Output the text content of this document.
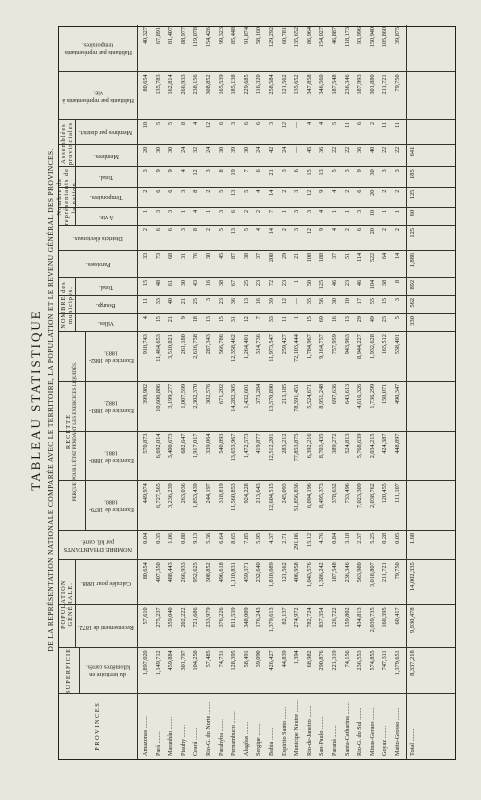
TABLEAU STATISTIQUE DE LA REPRÉSENTATION NATIONALE COMPARÉE AVEC LE TERRITOIRE, LA POPULATION ET LE REVENU GÉNÉRAL DES PROVINCES.
SUPERFICIE
POPULATION GÉNÉRALE.
RECETTE PERÇUE POUR L'ÉTAT PENDANT LES EXERCICES LIQUIDÉS.
NOMBRE des municipes.
Nombre de représentants de la nation.
Assemblées provinciales
PROVINCES
du territoire en kilomètres carrés.
Recensement de 1872.
Calculée pour 1888.
NOMBRE D'HABITANTS par kil. carré.
Exercice de 1879-1880.
Exercice de 1880-1881.
Exercice de 1881-1882.
Exercice de 1882-1883.
Villes.
Bourgs.
Total.
Paroisses.
Districts électoraux.
A vie.
Temporaires.
Total.
Membres.
Membres par district.
Habitants par représentants à vie.
Habitants par représentants temporaires.
Amazonas ........
1,897,020
57,610
80,654
0.04
449,974
570,873
399,982
910,743
4
11
15
33
2
1
2
3
20
10
80,654
40,327
Pará ........
1,149,712
275,237
407,350
0.35
6,727,565
6,692,014
10,600,886
11,464,653
15
33
48
73
6
3
6
9
30
5
135,783
67,891
Maranhão ........
459,884
359,040
488,443
1.06
3,236,239
3,400,673
3,199,277
3,510,821
21
40
61
68
6
3
6
9
30
5
162,814
81,407
Piauhy ........
301,797
202,222
266,933
0.88
263,036
682,647
1,007,599
261,180
9
21
30
31
3
1
3
4
24
8
266,933
88,977
Ceará ........
104,250
721,686
952,625
9.13
1,853,439
1,917,017
2,302,370
2,616,758
18
25
43
76
8
4
8
12
32
4
238,156
119,078
Rio-G. do Norte ........
57,485
233,979
308,852
5.36
244,197
339,064
302,576
287,343
13
3
16
30
2
1
2
3
24
12
308,852
154,426
Parahyba ........
74,731
376,226
496,618
6.64
318,819
540,893
671,202
566,786
15
23
38
45
5
3
5
8
30
6
165,539
99,323
Pernambuco ........
128,395
811,539
1,110,831
8.65
11,560,853
13,653,967
14,282,305
12,358,462
31
36
67
87
13
6
13
19
39
3
185,138
85,448
Alagôas ........
58,491
348,009
459,371
7.85
924,228
1,472,573
1,432,601
1,264,401
12
13
25
38
5
2
5
7
30
6
229,685
91,874
Sergipe ........
39,090
176,243
232,640
5.95
213,643
419,877
373,284
314,736
7
16
23
37
4
2
4
6
24
6
116,320
58,160
Bahia ........
426,427
1,379,613
1,810,089
4.37
12,604,515
12,512,201
13,570,890
11,973,547
33
39
72
208
14
7
14
21
42
3
258,584
129,292
Espirito Santo ........
44,839
82,137
121,562
2.71
245,093
283,212
213,185
259,427
11
12
23
29
2
1
2
3
24
12
121,562
60,781
Municipe Neutre ........
1,394
274,972
406,958
291.06
51,856,836
77,853,875
78,591,451
72,103,444
1
—
1
21
3
3
3
6
—
—
135,652
135,652
Rio-de-Janeiro ........
68,982
782,724
1,043,576
15.12
6,094,196
6,392,216
5,524,671
1,784,967
15
35
50
108
12
3
12
15
45
4
347,858
86,964
San-Paulo ........
290,876
837,354
1,386,242
4.76
8,495,373
8,703,435
8,951,248
9,164,757
69
56
125
188
9
4
9
13
36
4
346,560
154,027
Paraná ........
221,319
126,722
187,548
0.84
378,632
389,272
697,636
757,959
16
30
46
37
4
1
4
5
22
5
187,548
46,887
Santa-Catharina ........
74,156
159,802
236,346
3.18
733,496
524,813
643,613
943,963
13
10
23
51
2
1
2
3
22
11
236,346
118,173
Rio-G. do Sul ........
236,553
434,813
563,980
2.37
7,023,309
5,768,639
4,616,326
8,944,227
29
17
46
114
6
3
6
9
36
6
187,993
93,996
Minas-Geraes ........
574,855
2,039,735
3,018,807
5.25
2,038,762
2,034,215
1,736,299
1,932,628
49
55
104
522
20
10
20
30
40
2
301,880
150,940
Goyaz ........
747,311
160,395
211,721
0.28
120,455
424,387
150,071
165,512
23
15
38
64
2
1
2
3
22
11
211,721
105,860
Matto-Grosso ........
1,379,651
60,417
79,750
0.05
111,107
448,897
490,347
538,401
5
3
8
14
2
1
2
3
22
11
79,750
39,875
Total ........
8,337,218
9,930,478
14,002,335
1.68
330
562
892
1,886
125
60
125
185
641
